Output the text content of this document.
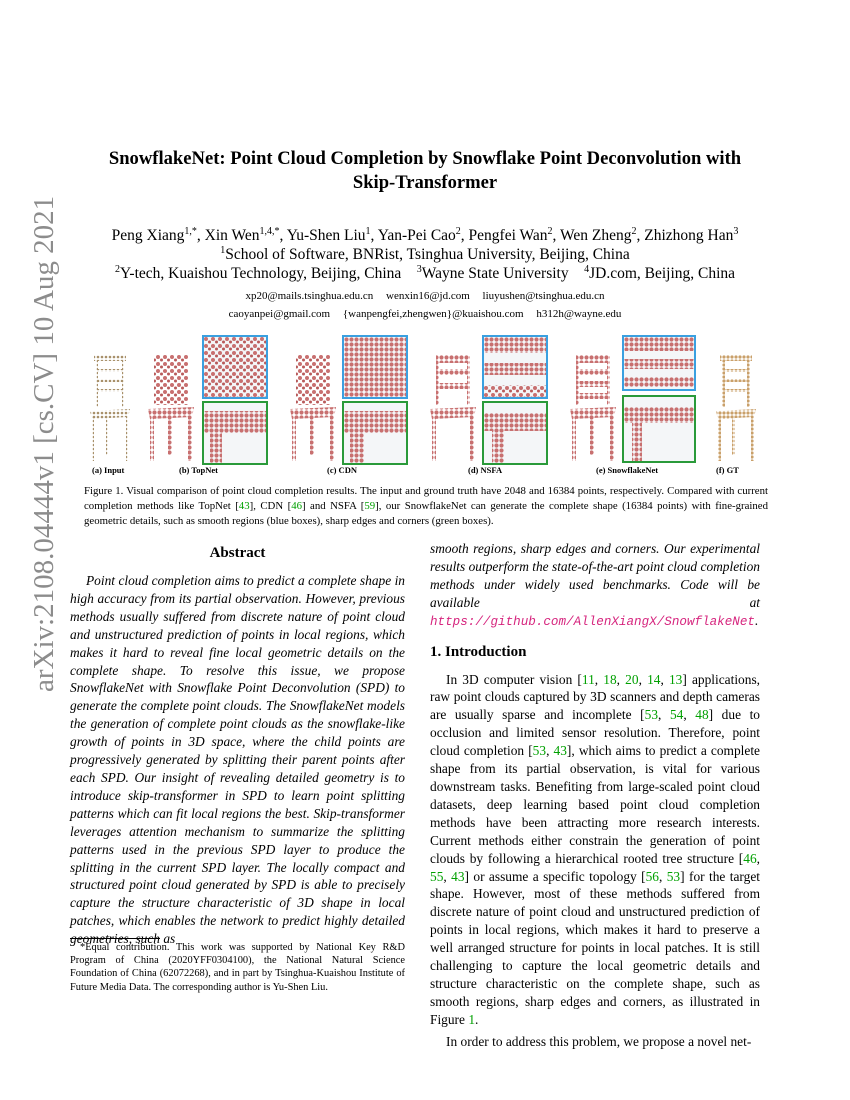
arXiv:2108.04444v1 [cs.CV] 10 Aug 2021
SnowflakeNet: Point Cloud Completion by Snowflake Point Deconvolution with
Skip-Transformer
Peng Xiang$^{1,*}$, Xin Wen$^{1,4,*}$, Yu-Shen Liu$^1$, Yan-Pei Cao$^2$, Pengfei Wan$^2$, Wen Zheng$^2$, Zhizhong Han$^3$
$^1$School of Software, BNRist, Tsinghua University, Beijing, China
$^2$Y-tech, Kuaishou Technology, Beijing, China $^3$Wayne State University $^4$JD.com, Beijing, China
xp20@mails.tsinghua.edu.cn wenxin16@jd.com liuyushen@tsinghua.edu.cn
caoyanpei@gmail.com {wanpengfei,zhengwen}@kuaishou.com h312h@wayne.edu
(a) Input	(b) TopNet	(c) CDN	(d) NSFA	(e) SnowflakeNet	(f) GT
Figure 1. Visual comparison of point cloud completion results. The input and ground truth have 2048 and 16384 points, respectively. Compared with current completion methods like TopNet [43], CDN [46] and NSFA [59], our SnowflakeNet can generate the complete shape (16384 points) with fine-grained geometric details, such as smooth regions (blue boxes), sharp edges and corners (green boxes).
Abstract

Point cloud completion aims to predict a complete shape in high accuracy from its partial observation. However, previous methods usually suffered from discrete nature of point cloud and unstructured prediction of points in local regions, which makes it hard to reveal fine local geometric details on the complete shape. To resolve this issue, we propose SnowflakeNet with Snowflake Point Deconvolution (SPD) to generate the complete point clouds. The SnowflakeNet models the generation of complete point clouds as the snowflake-like growth of points in 3D space, where the child points are progressively generated by splitting their parent points after each SPD. Our insight of revealing detailed geometry is to introduce skip-transformer in SPD to learn point splitting patterns which can fit local regions the best. Skip-transformer leverages attention mechanism to summarize the splitting patterns used in the previous SPD layer to produce the splitting in the current SPD layer. The locally compact and structured point cloud generated by SPD is able to precisely capture the structure characteristic of 3D shape in local patches, which enables the network to predict highly detailed geometries, such as

*Equal contribution. This work was supported by National Key R&D Program of China (2020YFF0304100), the National Natural Science Foundation of China (62072268), and in part by Tsinghua-Kuaishou Institute of Future Media Data. The corresponding author is Yu-Shen Liu.

smooth regions, sharp edges and corners. Our experimental results outperform the state-of-the-art point cloud completion methods under widely used benchmarks. Code will be available at https://github.com/AllenXiangX/SnowflakeNet.

1. Introduction

In 3D computer vision [11, 18, 20, 14, 13] applications, raw point clouds captured by 3D scanners and depth cameras are usually sparse and incomplete [53, 54, 48] due to occlusion and limited sensor resolution. Therefore, point cloud completion [53, 43], which aims to predict a complete shape from its partial observation, is vital for various downstream tasks. Benefiting from large-scaled point cloud datasets, deep learning based point cloud completion methods have been attracting more research interests. Current methods either constrain the generation of point clouds by following a hierarchical rooted tree structure [46, 55, 43] or assume a specific topology [56, 53] for the target shape. However, most of these methods suffered from discrete nature of point cloud and unstructured prediction of points in local regions, which makes it hard to preserve a well arranged structure for points in local patches. It is still challenging to capture the local geometric details and structure characteristic on the complete shape, such as smooth regions, sharp edges and corners, as illustrated in Figure 1.

In order to address this problem, we propose a novel net-
